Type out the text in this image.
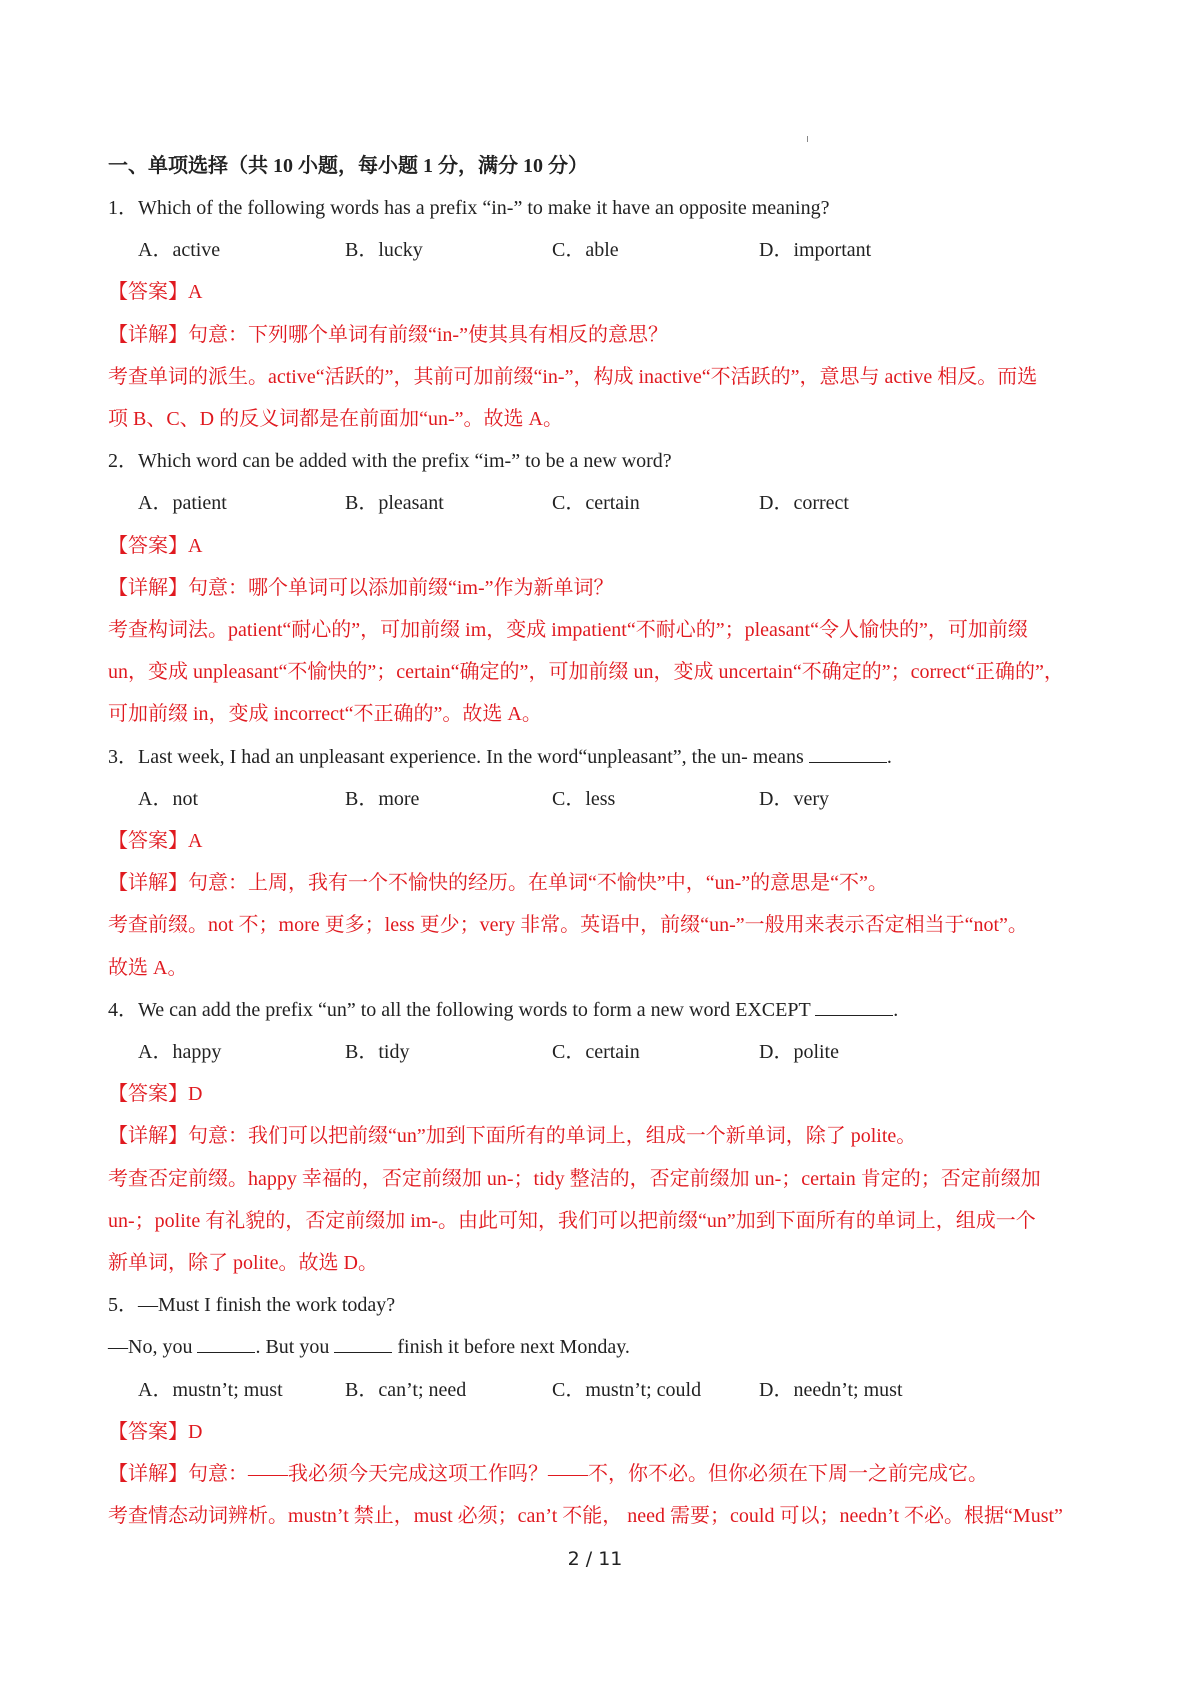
一、单项选择（共 10 小题，每小题 1 分，满分 10 分）
1．Which of the following words has a prefix “in-” to make it have an opposite meaning?
A．active	B．lucky	C．able	D．important
【答案】A
【详解】句意：下列哪个单词有前缀“in-”使其具有相反的意思？
考查单词的派生。active“活跃的”，其前可加前缀“in-”，构成 inactive“不活跃的”，意思与 active 相反。而选
项 B、C、D 的反义词都是在前面加“un-”。故选 A。
2．Which word can be added with the prefix “im-” to be a new word?
A．patient	B．pleasant	C．certain	D．correct
【答案】A
【详解】句意：哪个单词可以添加前缀“im-”作为新单词？
考查构词法。patient“耐心的”，可加前缀 im，变成 impatient“不耐心的”；pleasant“令人愉快的”，可加前缀
un，变成 unpleasant“不愉快的”；certain“确定的”，可加前缀 un，变成 uncertain“不确定的”；correct“正确的”，
可加前缀 in，变成 incorrect“不正确的”。故选 A。
3．Last week, I had an unpleasant experience. In the word“unpleasant”, the un- means	.
A．not	B．more	C．less	D．very
【答案】A
【详解】句意：上周，我有一个不愉快的经历。在单词“不愉快”中，“un-”的意思是“不”。
考查前缀。not 不；more 更多；less 更少；very 非常。英语中，前缀“un-”一般用来表示否定相当于“not”。
故选 A。
4．We can add the prefix “un” to all the following words to form a new word EXCEPT	.
A．happy	B．tidy	C．certain	D．polite
【答案】D
【详解】句意：我们可以把前缀“un”加到下面所有的单词上，组成一个新单词，除了 polite。
考查否定前缀。happy 幸福的，否定前缀加 un-；tidy 整洁的，否定前缀加 un-；certain 肯定的；否定前缀加
un-；polite 有礼貌的，否定前缀加 im-。由此可知，我们可以把前缀“un”加到下面所有的单词上，组成一个
新单词，除了 polite。故选 D。
5．—Must I finish the work today?
—No, you	. But you	finish it before next Monday.
A．mustn’t; must	B．can’t; need	C．mustn’t; could	D．needn’t; must
【答案】D
【详解】句意：——我必须今天完成这项工作吗？——不，你不必。但你必须在下周一之前完成它。
考查情态动词辨析。mustn’t 禁止，must 必须；can’t 不能， need 需要；could 可以；needn’t 不必。根据“Must”
2 / 11
